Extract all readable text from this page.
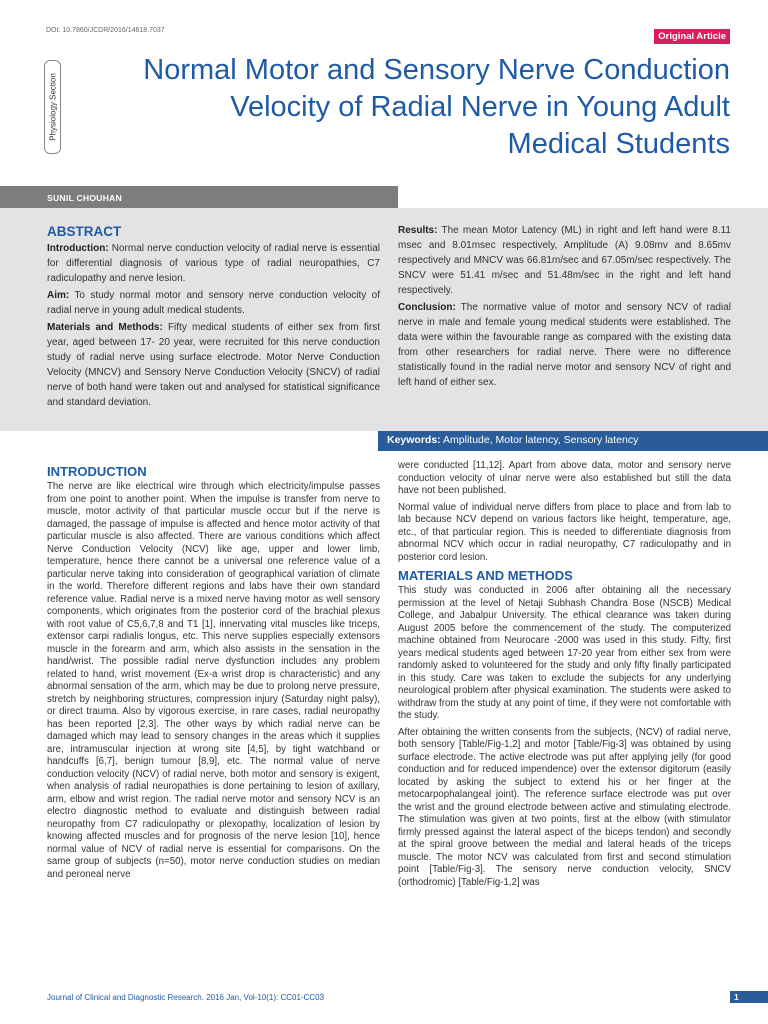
DOI: 10.7860/JCDR/2016/14618.7037
Original Article
Physiology Section
Normal Motor and Sensory Nerve Conduction Velocity of Radial Nerve in Young Adult Medical Students
SUNIL CHOUHAN
ABSTRACT

Introduction: Normal nerve conduction velocity of radial nerve is essential for differential diagnosis of various type of radial neuropathies, C7 radiculopathy and nerve lesion.

Aim: To study normal motor and sensory nerve conduction velocity of radial nerve in young adult medical students.

Materials and Methods: Fifty medical students of either sex from first year, aged between 17- 20 year, were recruited for this nerve conduction study of radial nerve using surface electrode. Motor Nerve Conduction Velocity (MNCV) and Sensory Nerve Conduction Velocity (SNCV) of radial nerve of both hand were taken out and analysed for statistical significance and standard deviation.

Results: The mean Motor Latency (ML) in right and left hand were 8.11 msec and 8.01msec respectively, Amplitude (A) 9.08mv and 8.65mv respectively and MNCV was 66.81m/sec and 67.05m/sec respectively. The SNCV were 51.41 m/sec and 51.48m/sec in the right and left hand respectively.

Conclusion: The normative value of motor and sensory NCV of radial nerve in male and female young medical students were established. The data were within the favourable range as compared with the existing data from other researchers for radial nerve. There were no difference statistically found in the radial nerve motor and sensory NCV of right and left hand of either sex.

Keywords: Amplitude, Motor latency, Sensory latency
INTRODUCTION

The nerve are like electrical wire through which electricity/impulse passes from one point to another point. When the impulse is transfer from nerve to muscle, motor activity of that particular muscle occur but if the nerve is damaged, the passage of impulse is affected and hence motor activity of that particular muscle is also affected. There are various conditions which affect Nerve Conduction Velocity (NCV) like age, upper and lower limb, temperature, hence there cannot be a universal one reference value of a particular nerve taking into consideration of geographical variation of climate in the world. Therefore different regions and labs have their own standard reference value. Radial nerve is a mixed nerve having motor as well sensory components, which originates from the posterior cord of the brachial plexus with root value of C5,6,7,8 and T1 [1], innervating vital muscles like triceps, extensor carpi radialis longus, etc. This nerve supplies especially extensors muscle in the forearm and arm, which also assists in the sensation in the hand/wrist. The possible radial nerve dysfunction includes any problem related to hand, wrist movement (Ex-a wrist drop is characteristic) and any abnormal sensation of the arm, which may be due to prolong nerve pressure, stretch by neighboring structures, compression injury (Saturday night palsy), or direct trauma. Also by vigorous exercise, in rare cases, radial neuropathy has been reported [2,3]. The other ways by which radial nerve can be damaged which may lead to sensory changes in the areas which it supplies are, intramuscular injection at wrong site [4,5], by tight watchband or handcuffs [6,7], benign tumour [8,9], etc. The normal value of nerve conduction velocity (NCV) of radial nerve, both motor and sensory is exigent, when analysis of radial neuropathies is done pertaining to lesion of axillary, arm, elbow and wrist region. The radial nerve motor and sensory NCV is an electro diagnostic method to evaluate and distinguish between radial neuropathy from C7 radiculopathy or plexopathy, localization of lesion by knowing affected muscles and for prognosis of the nerve lesion [10], hence normal value of NCV of radial nerve is essential for comparisons. On the same group of subjects (n=50), motor nerve conduction studies on median and peroneal nerve

were conducted [11,12]. Apart from above data, motor and sensory nerve conduction velocity of ulnar nerve were also established but still the data have not been published.

Normal value of individual nerve differs from place to place and from lab to lab because NCV depend on various factors like height, temperature, age, etc., of that particular region. This is needed to differentiate diagnosis from abnormal NCV which occur in radial neuropathy, C7 radiculopathy and in posterior cord lesion.

MATERIALS AND METHODS

This study was conducted in 2006 after obtaining all the necessary permission at the level of Netaji Subhash Chandra Bose (NSCB) Medical College, and Jabalpur University. The ethical clearance was taken during August 2005 before the commencement of the study. The computerized machine obtained from Neurocare -2000 was used in this study. Fifty, first years medical students aged between 17-20 year from either sex from were randomly asked to volunteered for the study and only fifty finally participated in this study. Care was taken to exclude the subjects for any underlying neurological problem after physical examination. The students were asked to withdraw from the study at any point of time, if they were not comfortable with the study.

After obtaining the written consents from the subjects, (NCV) of radial nerve, both sensory [Table/Fig-1,2] and motor [Table/Fig-3] was obtained by using surface electrode. The active electrode was put after applying jelly (for good conduction and for reduced impendence) over the extensor digitorum (easily located by asking the subject to extend his or her finger at the metocarpophalangeal joint). The reference surface electrode was put over the wrist and the ground electrode between active and stimulating electrode. The stimulation was given at two points, first at the elbow (with stimulator firmly pressed against the lateral aspect of the biceps tendon) and secondly at the spiral groove between the medial and lateral heads of the triceps muscle. The motor NCV was calculated from first and second stimulation point [Table/Fig-3]. The sensory nerve conduction velocity, SNCV (orthodromic) [Table/Fig-1,2] was

Journal of Clinical and Diagnostic Research. 2016 Jan, Vol-10(1): CC01-CC03	1
